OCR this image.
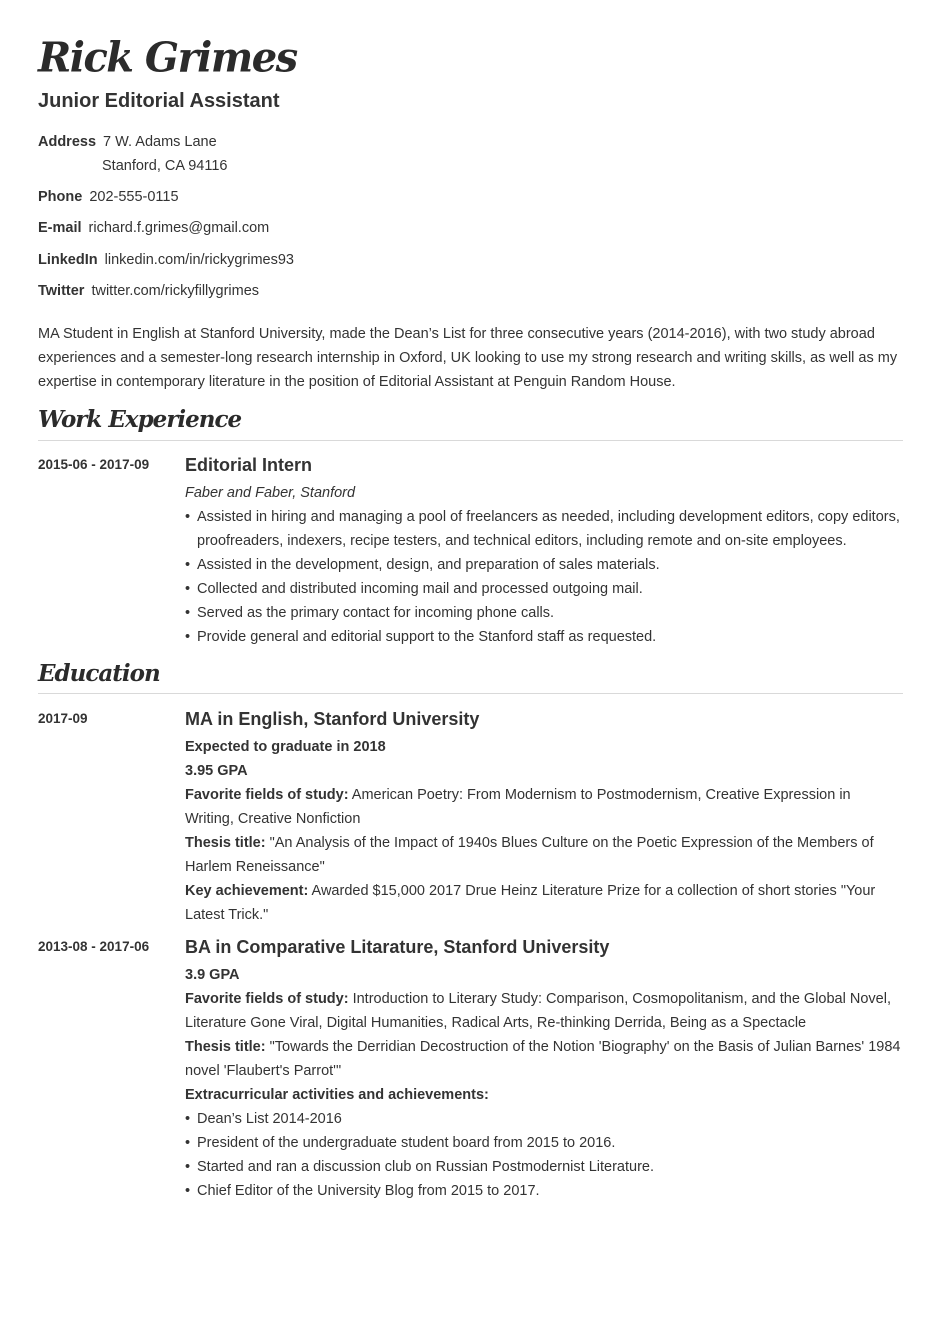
Rick Grimes
Junior Editorial Assistant
Address 7 W. Adams Lane
Stanford, CA 94116
Phone 202-555-0115
E-mail richard.f.grimes@gmail.com
LinkedIn linkedin.com/in/rickygrimes93
Twitter twitter.com/rickyfillygrimes

MA Student in English at Stanford University, made the Dean’s List for three consecutive years (2014-2016), with two study abroad experiences and a semester-long research internship in Oxford, UK looking to use my strong research and writing skills, as well as my expertise in contemporary literature in the position of Editorial Assistant at Penguin Random House.

Work Experience
2015-06 - 2017-09 Editorial Intern
Faber and Faber, Stanford
• Assisted in hiring and managing a pool of freelancers as needed, including development editors, copy editors, proofreaders, indexers, recipe testers, and technical editors, including remote and on-site employees.
• Assisted in the development, design, and preparation of sales materials.
• Collected and distributed incoming mail and processed outgoing mail.
• Served as the primary contact for incoming phone calls.
• Provide general and editorial support to the Stanford staff as requested.
Education
2017-09	MA in English, Stanford University
Expected to graduate in 2018
3.95 GPA
Favorite fields of study: American Poetry: From Modernism to Postmodernism, Creative Expression in Writing, Creative Nonfiction
Thesis title: "An Analysis of the Impact of 1940s Blues Culture on the Poetic Expression of the Members of Harlem Reneissance"
Key achievement: Awarded $15,000 2017 Drue Heinz Literature Prize for a collection of short stories "Your Latest Trick."
2013-08 - 2017-06 BA in Comparative Litarature, Stanford University
3.9 GPA
Favorite fields of study: Introduction to Literary Study: Comparison, Cosmopolitanism, and the Global Novel, Literature Gone Viral, Digital Humanities, Radical Arts, Re-thinking Derrida, Being as a Spectacle
Thesis title: "Towards the Derridian Decostruction of the Notion 'Biography' on the Basis of Julian Barnes' 1984 novel 'Flaubert's Parrot'"
Extracurricular activities and achievements:
• Dean’s List 2014-2016
• President of the undergraduate student board from 2015 to 2016.
• Started and ran a discussion club on Russian Postmodernist Literature.
• Chief Editor of the University Blog from 2015 to 2017.
